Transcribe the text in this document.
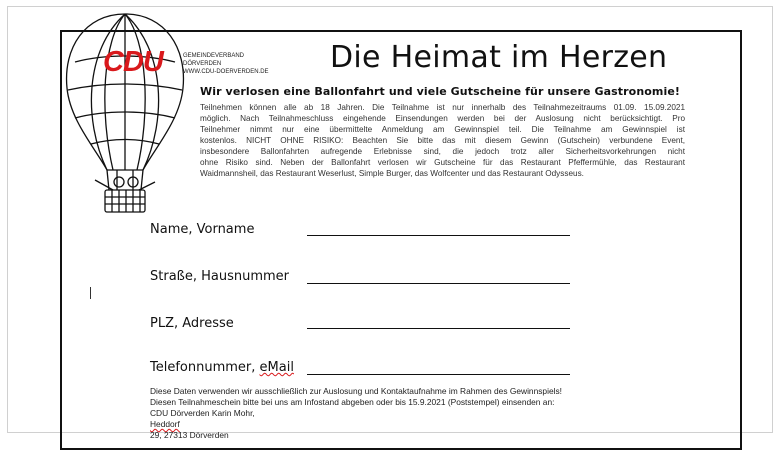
CDU	GEMEINDEVERBAND
DÖRVERDEN
WWW.CDU-DOERVERDEN.DE	Die Heimat im Herzen
Wir verlosen eine Ballonfahrt und viele Gutscheine für unsere Gastronomie!
Teilnehmen können alle ab 18 Jahren. Die Teilnahme ist nur innerhalb des Teilnahmezeitraums 01.09. 15.09.2021
möglich. Nach Teilnahmeschluss eingehende Einsendungen werden bei der Auslosung nicht berücksichtigt. Pro
Teilnehmer nimmt nur eine übermittelte Anmeldung am Gewinnspiel teil. Die Teilnahme am Gewinnspiel ist
kostenlos. NICHT OHNE RISIKO: Beachten Sie bitte das mit diesem Gewinn (Gutschein) verbundene Event,
insbesondere Ballonfahrten aufregende Erlebnisse sind, die jedoch trotz aller Sicherheitsvorkehrungen nicht
ohne Risiko sind. Neben der Ballonfahrt verlosen wir Gutscheine für das Restaurant Pfeffermühle, das Restaurant
Waidmannsheil, das Restaurant Weserlust, Simple Burger, das Wolfcenter und das Restaurant Odysseus.
Name, Vorname
Straße, Hausnummer
PLZ, Adresse
Telefonnummer, eMail
Diese Daten verwenden wir ausschließlich zur Auslosung und Kontaktaufnahme im Rahmen des Gewinnspiels!
Diesen Teilnahmeschein bitte bei uns am Infostand abgeben oder bis 15.9.2021 (Poststempel) einsenden an:
CDU Dörverden Karin Mohr,
Heddorf
29, 27313 Dörverden
